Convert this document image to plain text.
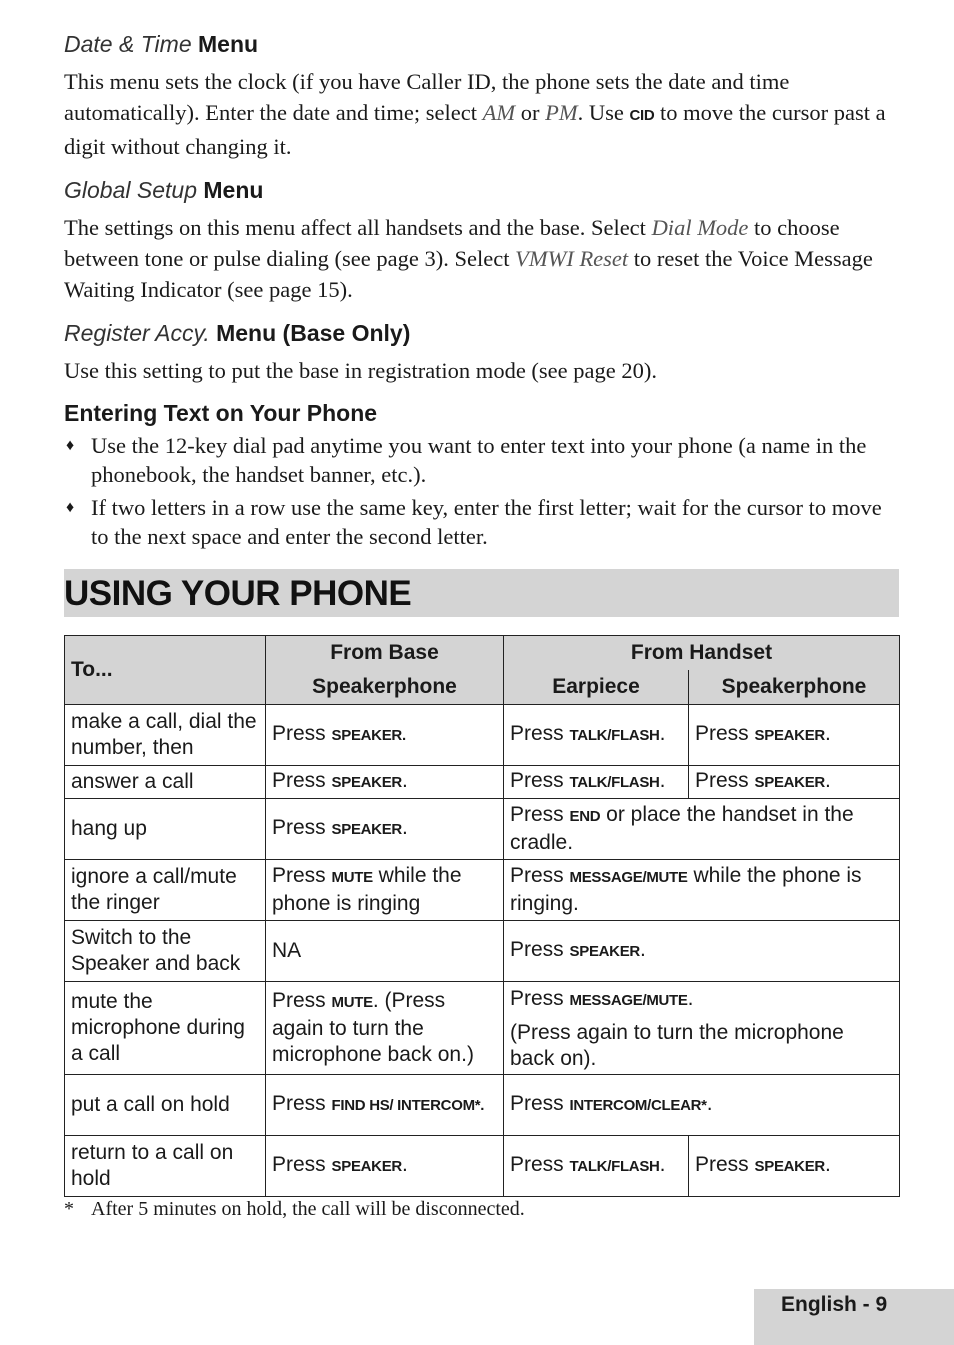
Date & Time Menu

This menu sets the clock (if you have Caller ID, the phone sets the date and time automatically). Enter the date and time; select AM or PM. Use CID to move the cursor past a digit without changing it.

Global Setup Menu

The settings on this menu affect all handsets and the base. Select Dial Mode to choose between tone or pulse dialing (see page 3). Select VMWI Reset to reset the Voice Message Waiting Indicator (see page 15).

Register Accy. Menu (Base Only)

Use this setting to put the base in registration mode (see page 20).

Entering Text on Your Phone
♦ Use the 12-key dial pad anytime you want to enter text into your phone (a name in the phonebook, the handset banner, etc.).
♦ If two letters in a row use the same key, enter the first letter; wait for the cursor to move to the next space and enter the second letter.
USING YOUR PHONE
To...	From Base	From Handset	
	Speakerphone	Earpiece	Speakerphone
make a call, dial the number, then	Press SPEAKER.	Press TALK/FLASH.	Press SPEAKER.
answer a call	Press SPEAKER.	Press TALK/FLASH.	Press SPEAKER.
hang up	Press SPEAKER.	Press END or place the handset in the cradle.	
ignore a call/mute the ringer	Press MUTE while the phone is ringing	Press MESSAGE/MUTE while the phone is ringing.	
Switch to the Speaker and back	NA	Press SPEAKER.	
mute the microphone during a call	Press MUTE. (Press again to turn the microphone back on.)	Press MESSAGE/MUTE.
(Press again to turn the microphone back on).	

put a call on hold	Press FIND HS/ INTERCOM*.	Press INTERCOM/CLEAR*.	
return to a call on hold	Press SPEAKER.	Press TALK/FLASH.	Press SPEAKER.
* After 5 minutes on hold, the call will be disconnected.
English - 9
